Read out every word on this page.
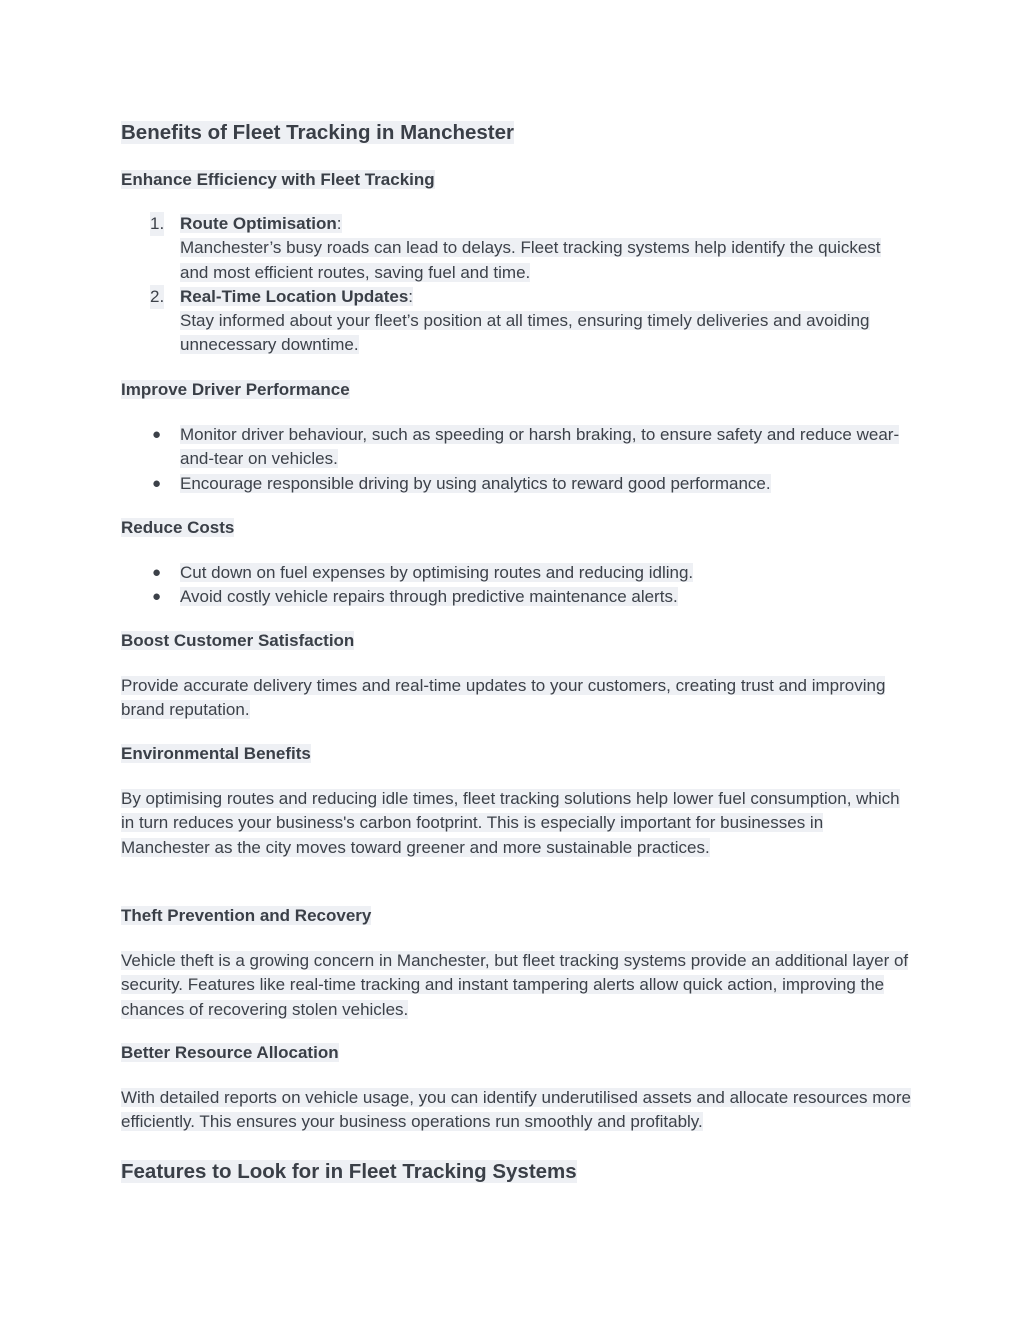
Benefits of Fleet Tracking in Manchester
Enhance Efficiency with Fleet Tracking
1. Route Optimisation:
Manchester’s busy roads can lead to delays. Fleet tracking systems help identify the quickest and most efficient routes, saving fuel and time.
2. Real-Time Location Updates:
Stay informed about your fleet’s position at all times, ensuring timely deliveries and avoiding unnecessary downtime.
Improve Driver Performance
● Monitor driver behaviour, such as speeding or harsh braking, to ensure safety and reduce wear-and-tear on vehicles.
● Encourage responsible driving by using analytics to reward good performance.
Reduce Costs
● Cut down on fuel expenses by optimising routes and reducing idling.
● Avoid costly vehicle repairs through predictive maintenance alerts.
Boost Customer Satisfaction

Provide accurate delivery times and real-time updates to your customers, creating trust and improving brand reputation.

Environmental Benefits

By optimising routes and reducing idle times, fleet tracking solutions help lower fuel consumption, which in turn reduces your business's carbon footprint. This is especially important for businesses in Manchester as the city moves toward greener and more sustainable practices.

Theft Prevention and Recovery

Vehicle theft is a growing concern in Manchester, but fleet tracking systems provide an additional layer of security. Features like real-time tracking and instant tampering alerts allow quick action, improving the chances of recovering stolen vehicles.

Better Resource Allocation

With detailed reports on vehicle usage, you can identify underutilised assets and allocate resources more efficiently. This ensures your business operations run smoothly and profitably.

Features to Look for in Fleet Tracking Systems
